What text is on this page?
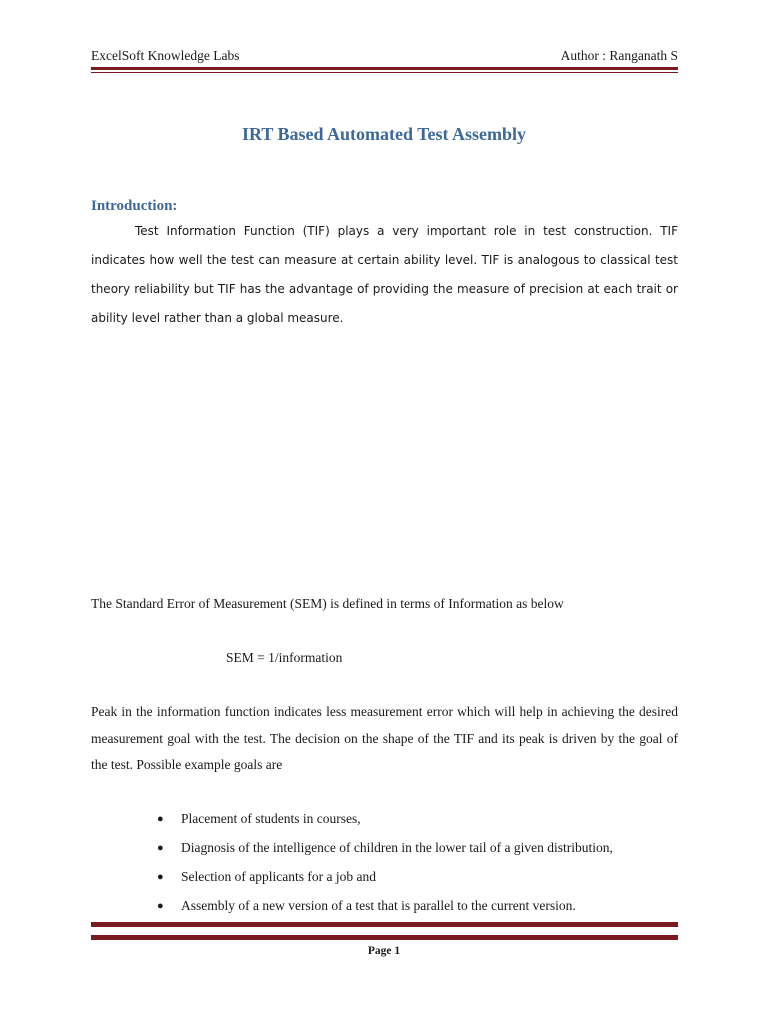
ExcelSoft Knowledge Labs	Author : Ranganath S
IRT Based Automated Test Assembly
Introduction:
Test Information Function (TIF) plays a very important role in test construction. TIF indicates how well the test can measure at certain ability level. TIF is analogous to classical test theory reliability but TIF has the advantage of providing the measure of precision at each trait or ability level rather than a global measure.
The Standard Error of Measurement (SEM) is defined in terms of Information as below
SEM = 1/information
Peak in the information function indicates less measurement error which will help in achieving the desired measurement goal with the test. The decision on the shape of the TIF and its peak is driven by the goal of the test. Possible example goals are
● Placement of students in courses,
● Diagnosis of the intelligence of children in the lower tail of a given distribution,
● Selection of applicants for a job and
● Assembly of a new version of a test that is parallel to the current version.
Page 1
